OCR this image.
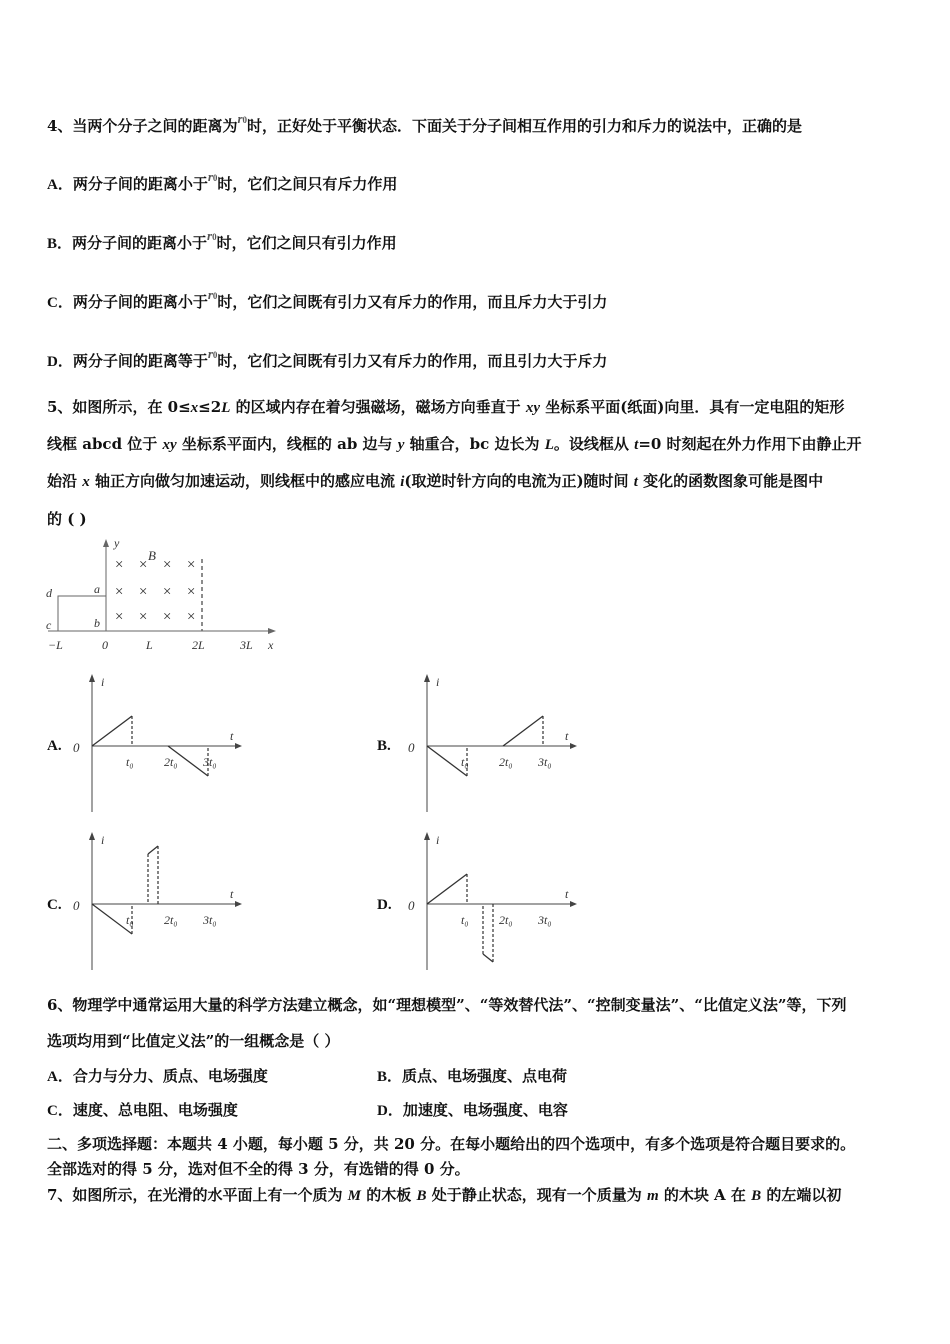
4、当两个分子之间的距离为r0时，正好处于平衡状态．下面关于分子间相互作用的引力和斥力的说法中，正确的是
A．两分子间的距离小于r0时，它们之间只有斥力作用
B．两分子间的距离小于r0时，它们之间只有引力作用
C．两分子间的距离小于r0时，它们之间既有引力又有斥力的作用，而且斥力大于引力
D．两分子间的距离等于r0时，它们之间既有引力又有斥力的作用，而且引力大于斥力
5、如图所示，在 0≤x≤2L 的区域内存在着匀强磁场，磁场方向垂直于 xy 坐标系平面(纸面)向里．具有一定电阻的矩形
线框 abcd 位于 xy 坐标系平面内，线框的 ab 边与 y 轴重合，bc 边长为 L。设线框从 t=0 时刻起在外力作用下由静止开
始沿 x 轴正方向做匀加速运动，则线框中的感应电流 i(取逆时针方向的电流为正)随时间 t 变化的函数图象可能是图中
的 ( )
y
x
B
d	a
c	b
×
×
×
×
×
×
×
×
×
×
×
×
−L	0	L	2L	3L
A.	B.
C.	D.
i
t
0
t₀	2t₀ 3t₀
i
t
0
t₀	2t₀ 3t₀
i
t
0
t₀	2t₀ 3t₀
i
t
0
t₀	2t₀ 3t₀
6、物理学中通常运用大量的科学方法建立概念，如“理想模型”、“等效替代法”、“控制变量法”、“比值定义法”等，下列
选项均用到“比值定义法”的一组概念是（ ）
A．合力与分力、质点、电场强度	B．质点、电场强度、点电荷
C．速度、总电阻、电场强度	D．加速度、电场强度、电容
二、多项选择题：本题共 4 小题，每小题 5 分，共 20 分。在每小题给出的四个选项中，有多个选项是符合题目要求的。
全部选对的得 5 分，选对但不全的得 3 分，有选错的得 0 分。
7、如图所示，在光滑的水平面上有一个质为 M 的木板 B 处于静止状态，现有一个质量为 m 的木块 A 在 B 的左端以初
